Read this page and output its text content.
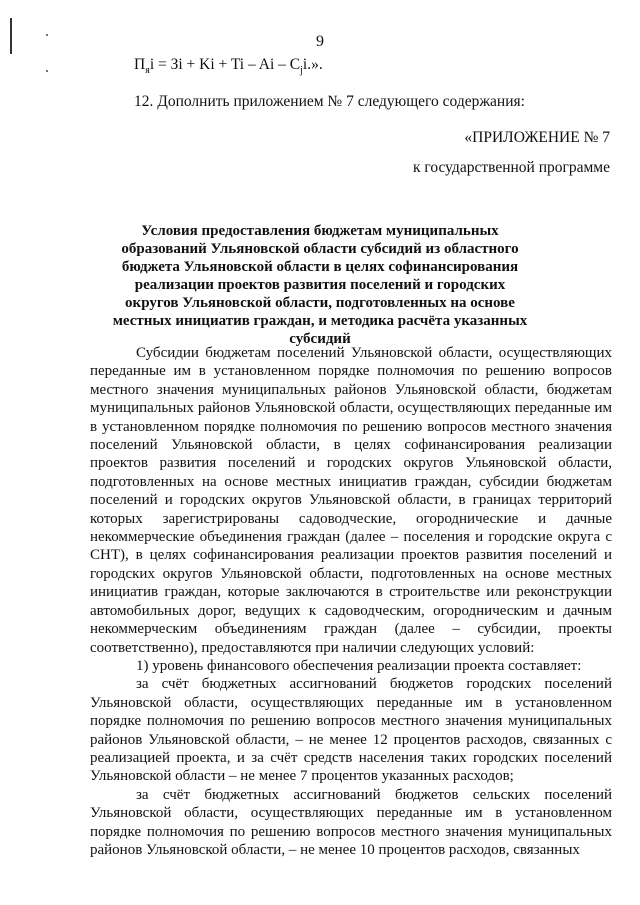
9
$П_яi$ = Зi + $Ki + Ti - Ai - C_ji$.».
12. Дополнить приложением № 7 следующего содержания:
«ПРИЛОЖЕНИЕ № 7
к государственной программе
Условия предоставления бюджетам муниципальных образований Ульяновской области субсидий из областного бюджета Ульяновской области в целях софинансирования реализации проектов развития поселений и городских округов Ульяновской области, подготовленных на основе местных инициатив граждан, и методика расчёта указанных субсидий

Субсидии бюджетам поселений Ульяновской области, осуществляющих переданные им в установленном порядке полномочия по решению вопросов местного значения муниципальных районов Ульяновской области, бюджетам муниципальных районов Ульяновской области, осуществляющих переданные им в установленном порядке полномочия по решению вопросов местного значения поселений Ульяновской области, в целях софинансирования реализации проектов развития поселений и городских округов Ульяновской области, подготовленных на основе местных инициатив граждан, субсидии бюджетам поселений и городских округов Ульяновской области, в границах территорий которых зарегистрированы садоводческие, огороднические и дачные некоммерческие объединения граждан (далее – поселения и городские округа с СНТ), в целях софинансирования реализации проектов развития поселений и городских округов Ульяновской области, подготовленных на основе местных инициатив граждан, которые заключаются в строительстве или реконструкции автомобильных дорог, ведущих к садоводческим, огородническим и дачным некоммерческим объединениям граждан (далее – субсидии, проекты соответственно), предоставляются при наличии следующих условий:

1) уровень финансового обеспечения реализации проекта составляет:

за счёт бюджетных ассигнований бюджетов городских поселений Ульяновской области, осуществляющих переданные им в установленном порядке полномочия по решению вопросов местного значения муниципальных районов Ульяновской области, – не менее 12 процентов расходов, связанных с реализацией проекта, и за счёт средств населения таких городских поселений Ульяновской области – не менее 7 процентов указанных расходов;

за счёт бюджетных ассигнований бюджетов сельских поселений Ульяновской области, осуществляющих переданные им в установленном порядке полномочия по решению вопросов местного значения муниципальных районов Ульяновской области, – не менее 10 процентов расходов, связанных
